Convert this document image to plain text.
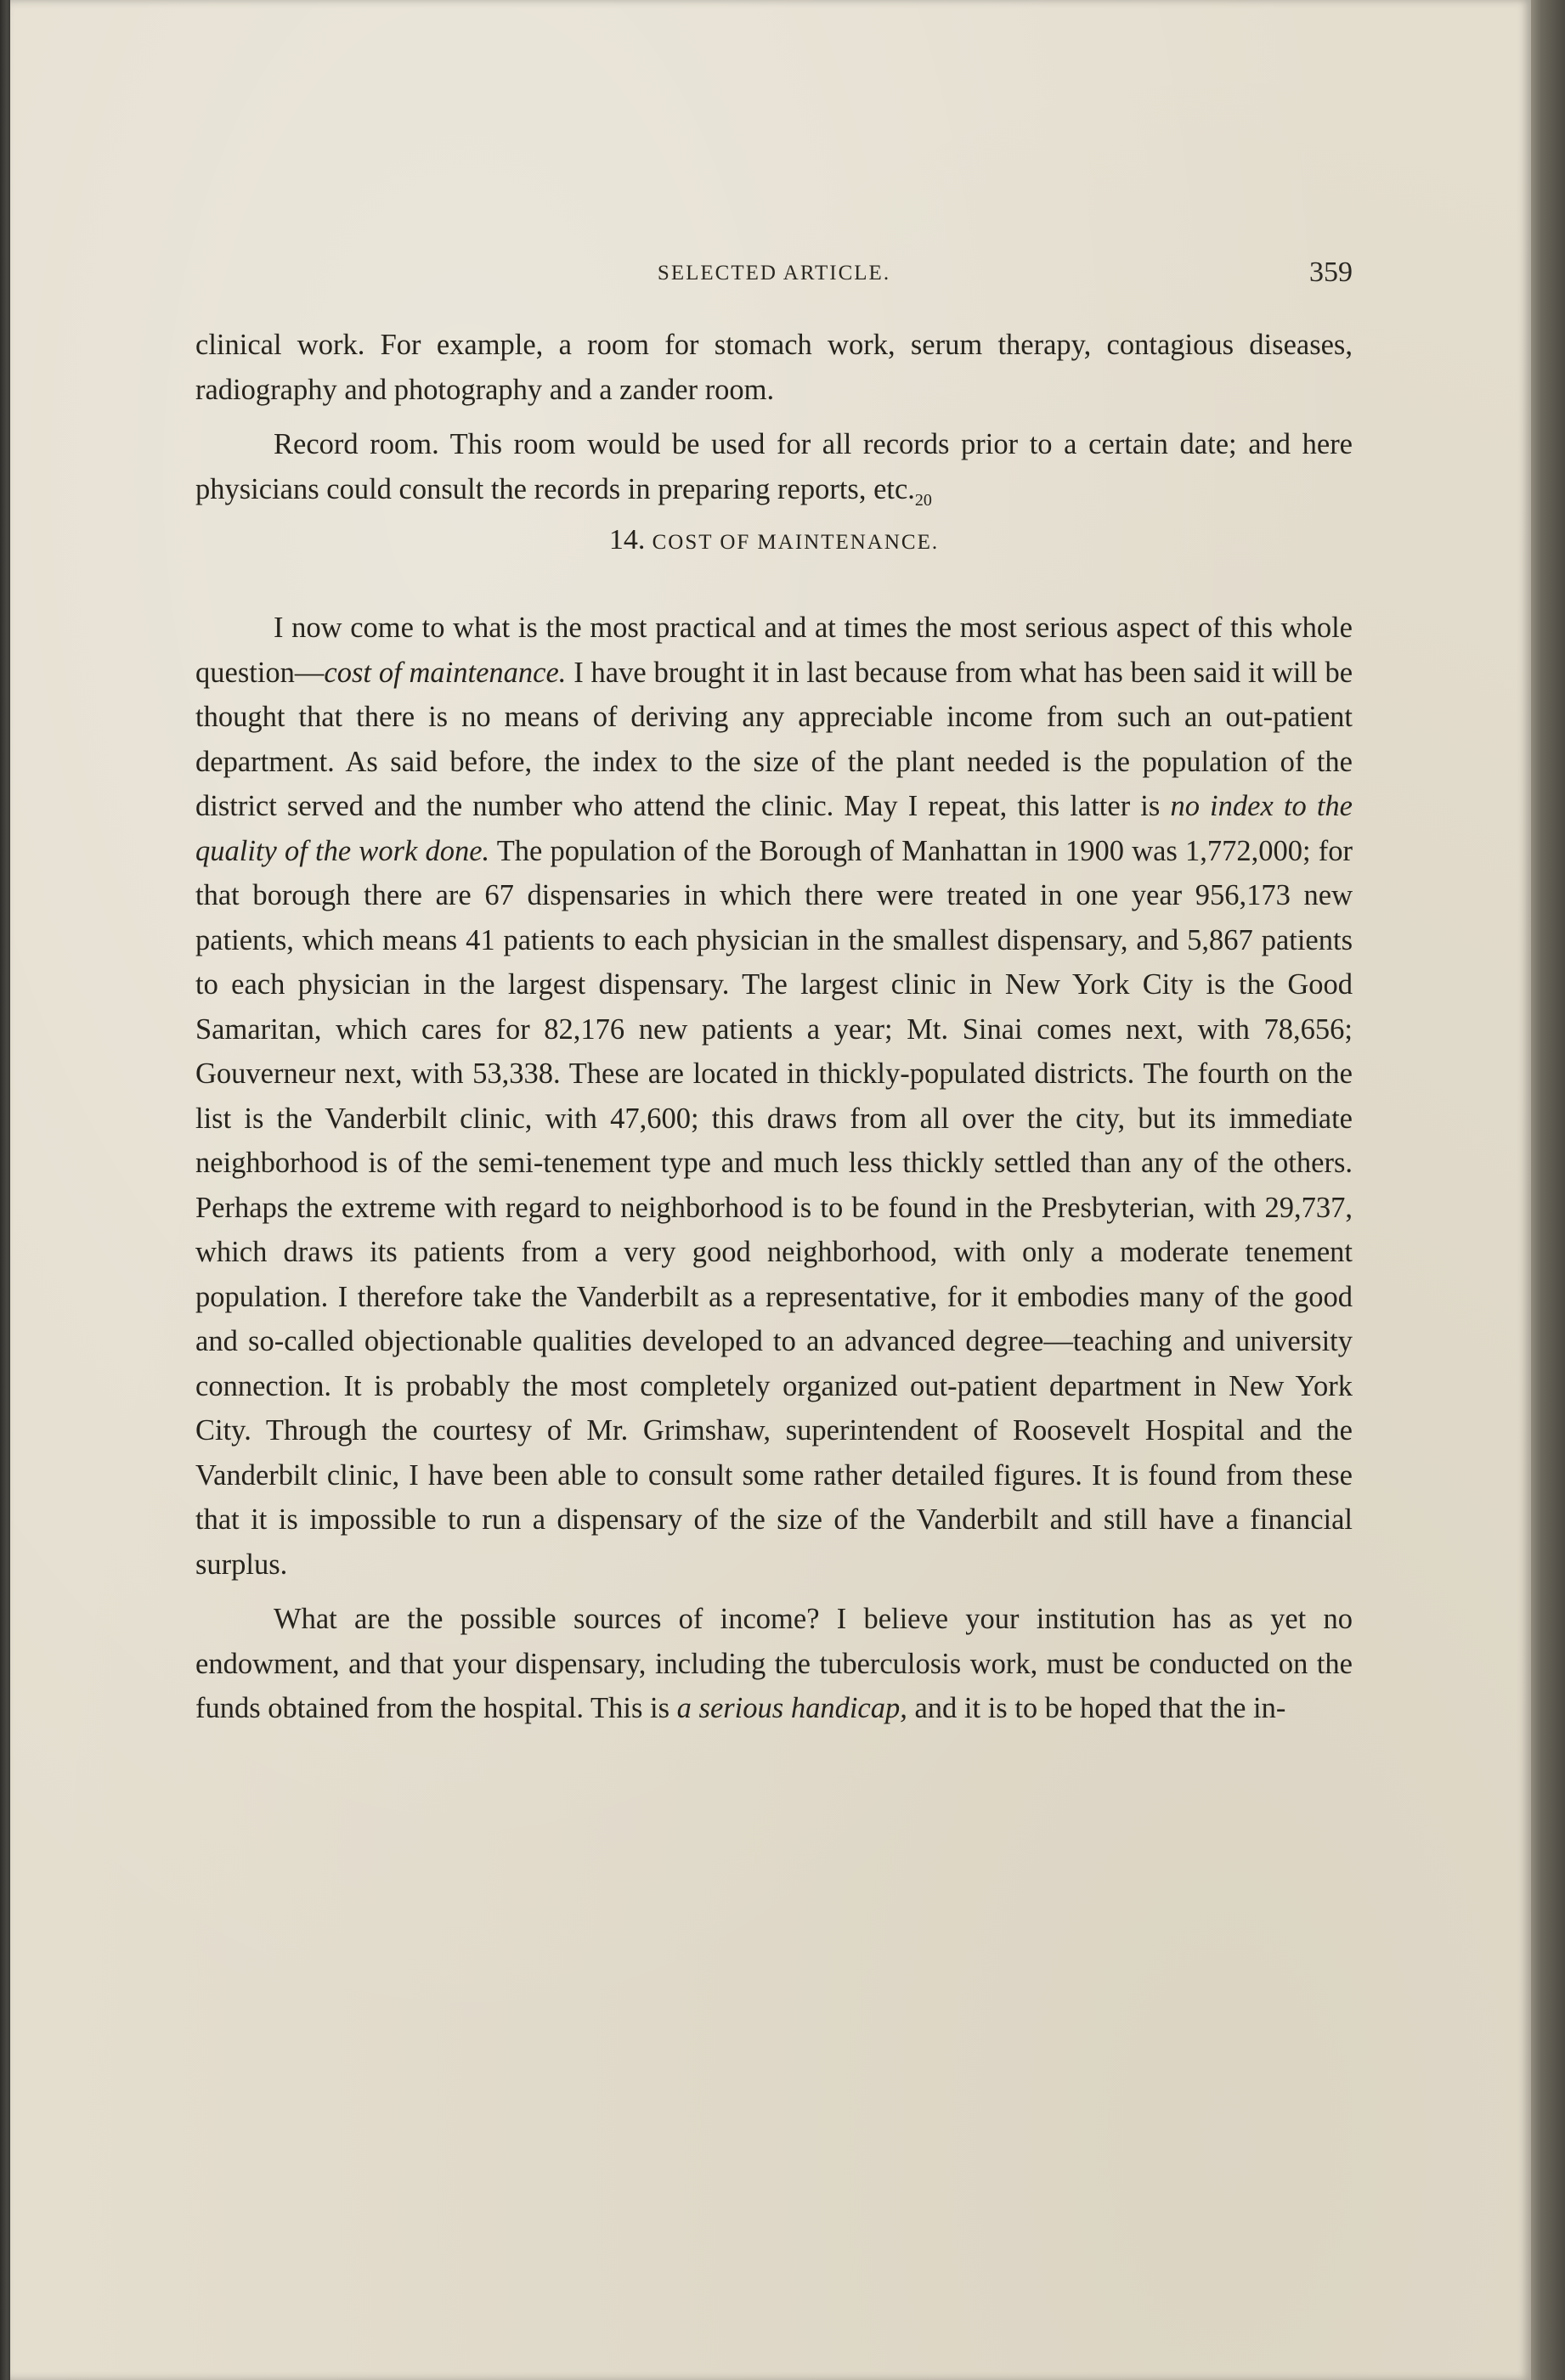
SELECTED ARTICLE.	359

clinical work. For example, a room for stomach work, serum therapy, contagious diseases, radiography and photography and a zander room.

Record room. This room would be used for all records prior to a certain date; and here physicians could consult the records in preparing reports, $etc._{20}$

14. COST OF MAINTENANCE.

I now come to what is the most practical and at times the most serious aspect of this whole question—cost of maintenance. I have brought it in last because from what has been said it will be thought that there is no means of deriving any appreciable income from such an out-patient department. As said before, the index to the size of the plant needed is the population of the district served and the number who attend the clinic. May I repeat, this latter is no index to the quality of the work done. The population of the Borough of Manhattan in 1900 was 1,772,000; for that borough there are 67 dispensaries in which there were treated in one year 956,173 new patients, which means 41 patients to each physician in the smallest dispensary, and 5,867 patients to each physician in the largest dispensary. The largest clinic in New York City is the Good Samaritan, which cares for 82,176 new patients a year; Mt. Sinai comes next, with 78,656; Gouverneur next, with 53,338. These are located in thickly-populated districts. The fourth on the list is the Vanderbilt clinic, with 47,600; this draws from all over the city, but its immediate neighborhood is of the semi-tenement type and much less thickly settled than any of the others. Perhaps the extreme with regard to neighborhood is to be found in the Presbyterian, with 29,737, which draws its patients from a very good neighborhood, with only a moderate tenement population. I therefore take the Vanderbilt as a representative, for it embodies many of the good and so-called objectionable qualities developed to an advanced degree—teaching and university connection. It is probably the most completely organized out-patient department in New York City. Through the courtesy of Mr. Grimshaw, superintendent of Roosevelt Hospital and the Vanderbilt clinic, I have been able to consult some rather detailed figures. It is found from these that it is impossible to run a dispensary of the size of the Vanderbilt and still have a financial surplus.

What are the possible sources of income? I believe your institution has as yet no endowment, and that your dispensary, including the tuberculosis work, must be conducted on the funds obtained from the hospital. This is a serious handicap, and it is to be hoped that the in-
